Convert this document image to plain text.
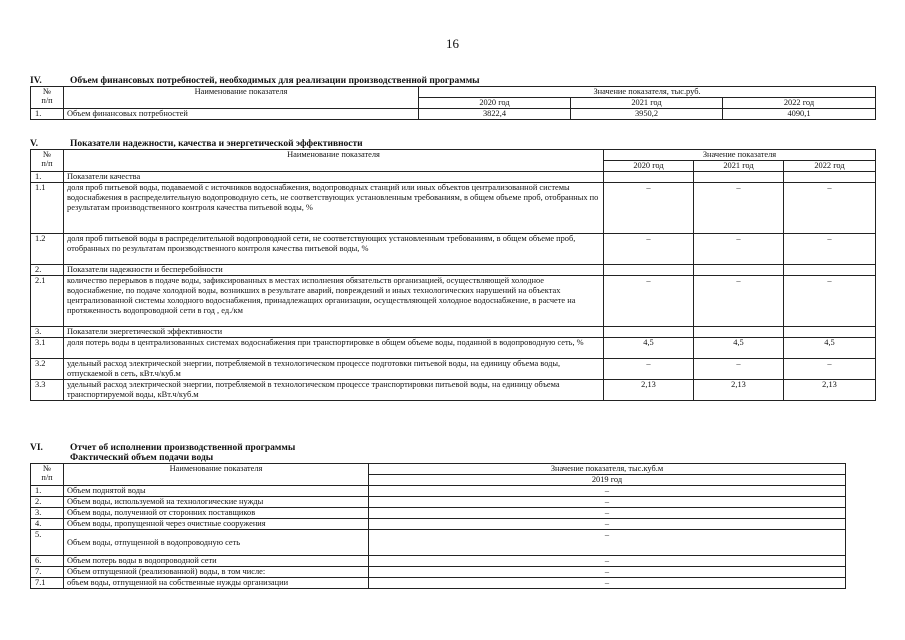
16
IV.	Объем финансовых потребностей, необходимых для реализации производственной программы
№
п/п	Наименование показателя	Значение показателя, тыс.руб.		
		2020 год	2021 год	2022 год
1.	Объем финансовых потребностей	3822,4	3950,2	4090,1
V.	Показатели надежности, качества и энергетической эффективности
№
п/п	Наименование показателя	Значение показателя		
		2020 год	2021 год	2022 год
1.	Показатели качества			
1.1	доля проб питьевой воды, подаваемой с источников водоснабжения, водопроводных станций или иных объектов централизованной системы водоснабжения в распределительную водопроводную сеть, не соответствующих установленным требованиям, в общем объеме проб, отобранных по результатам производственного контроля качества питьевой воды, %	–	–	–
1.2	доля проб питьевой воды в распределительной водопроводной сети, не соответствующих установленным требованиям, в общем объеме проб, отобранных по результатам производственного контроля качества питьевой воды, %	–	–	–
2.	Показатели надежности и бесперебойности			
2.1	количество перерывов в подаче воды, зафиксированных в местах исполнения обязательств организацией, осуществляющей холодное водоснабжение, по подаче холодной воды, возникших в результате аварий, повреждений и иных технологических нарушений на объектах централизованной системы холодного водоснабжения, принадлежащих организации, осуществляющей холодное водоснабжение, в расчете на протяженность водопроводной сети в год , ед./км	–	–	–
3.	Показатели энергетической эффективности			
3.1	доля потерь воды в централизованных системах водоснабжения при транспортировке в общем объеме воды, поданной в водопроводную сеть, %	4,5	4,5	4,5
3.2	удельный расход электрической энергии, потребляемой в технологическом процессе подготовки питьевой воды, на единицу объема воды, отпускаемой в сеть, кВт.ч/куб.м	–	–	–
3.3	удельный расход электрической энергии, потребляемой в технологическом процессе транспортировки питьевой воды, на единицу объема транспортируемой воды, кВт.ч/куб.м	2,13	2,13	2,13
VI.	Отчет об исполнении производственной программы
Фактический объем подачи воды
№
п/п	Наименование показателя	Значение показателя, тыс.куб.м
		2019 год
1.	Объем поднятой воды	–
2.	Объем воды, используемой на технологические нужды	–
3.	Объем воды, полученной от сторонних поставщиков	–
4.	Объем воды, пропущенной через очистные сооружения	–
5.	Объем воды, отпущенной в водопроводную сеть	–
6.	Объем потерь воды в водопроводной сети	–
7.	Объем отпущенной (реализованной) воды, в том числе:	–
7.1	объем воды, отпущенной на собственные нужды организации	–
